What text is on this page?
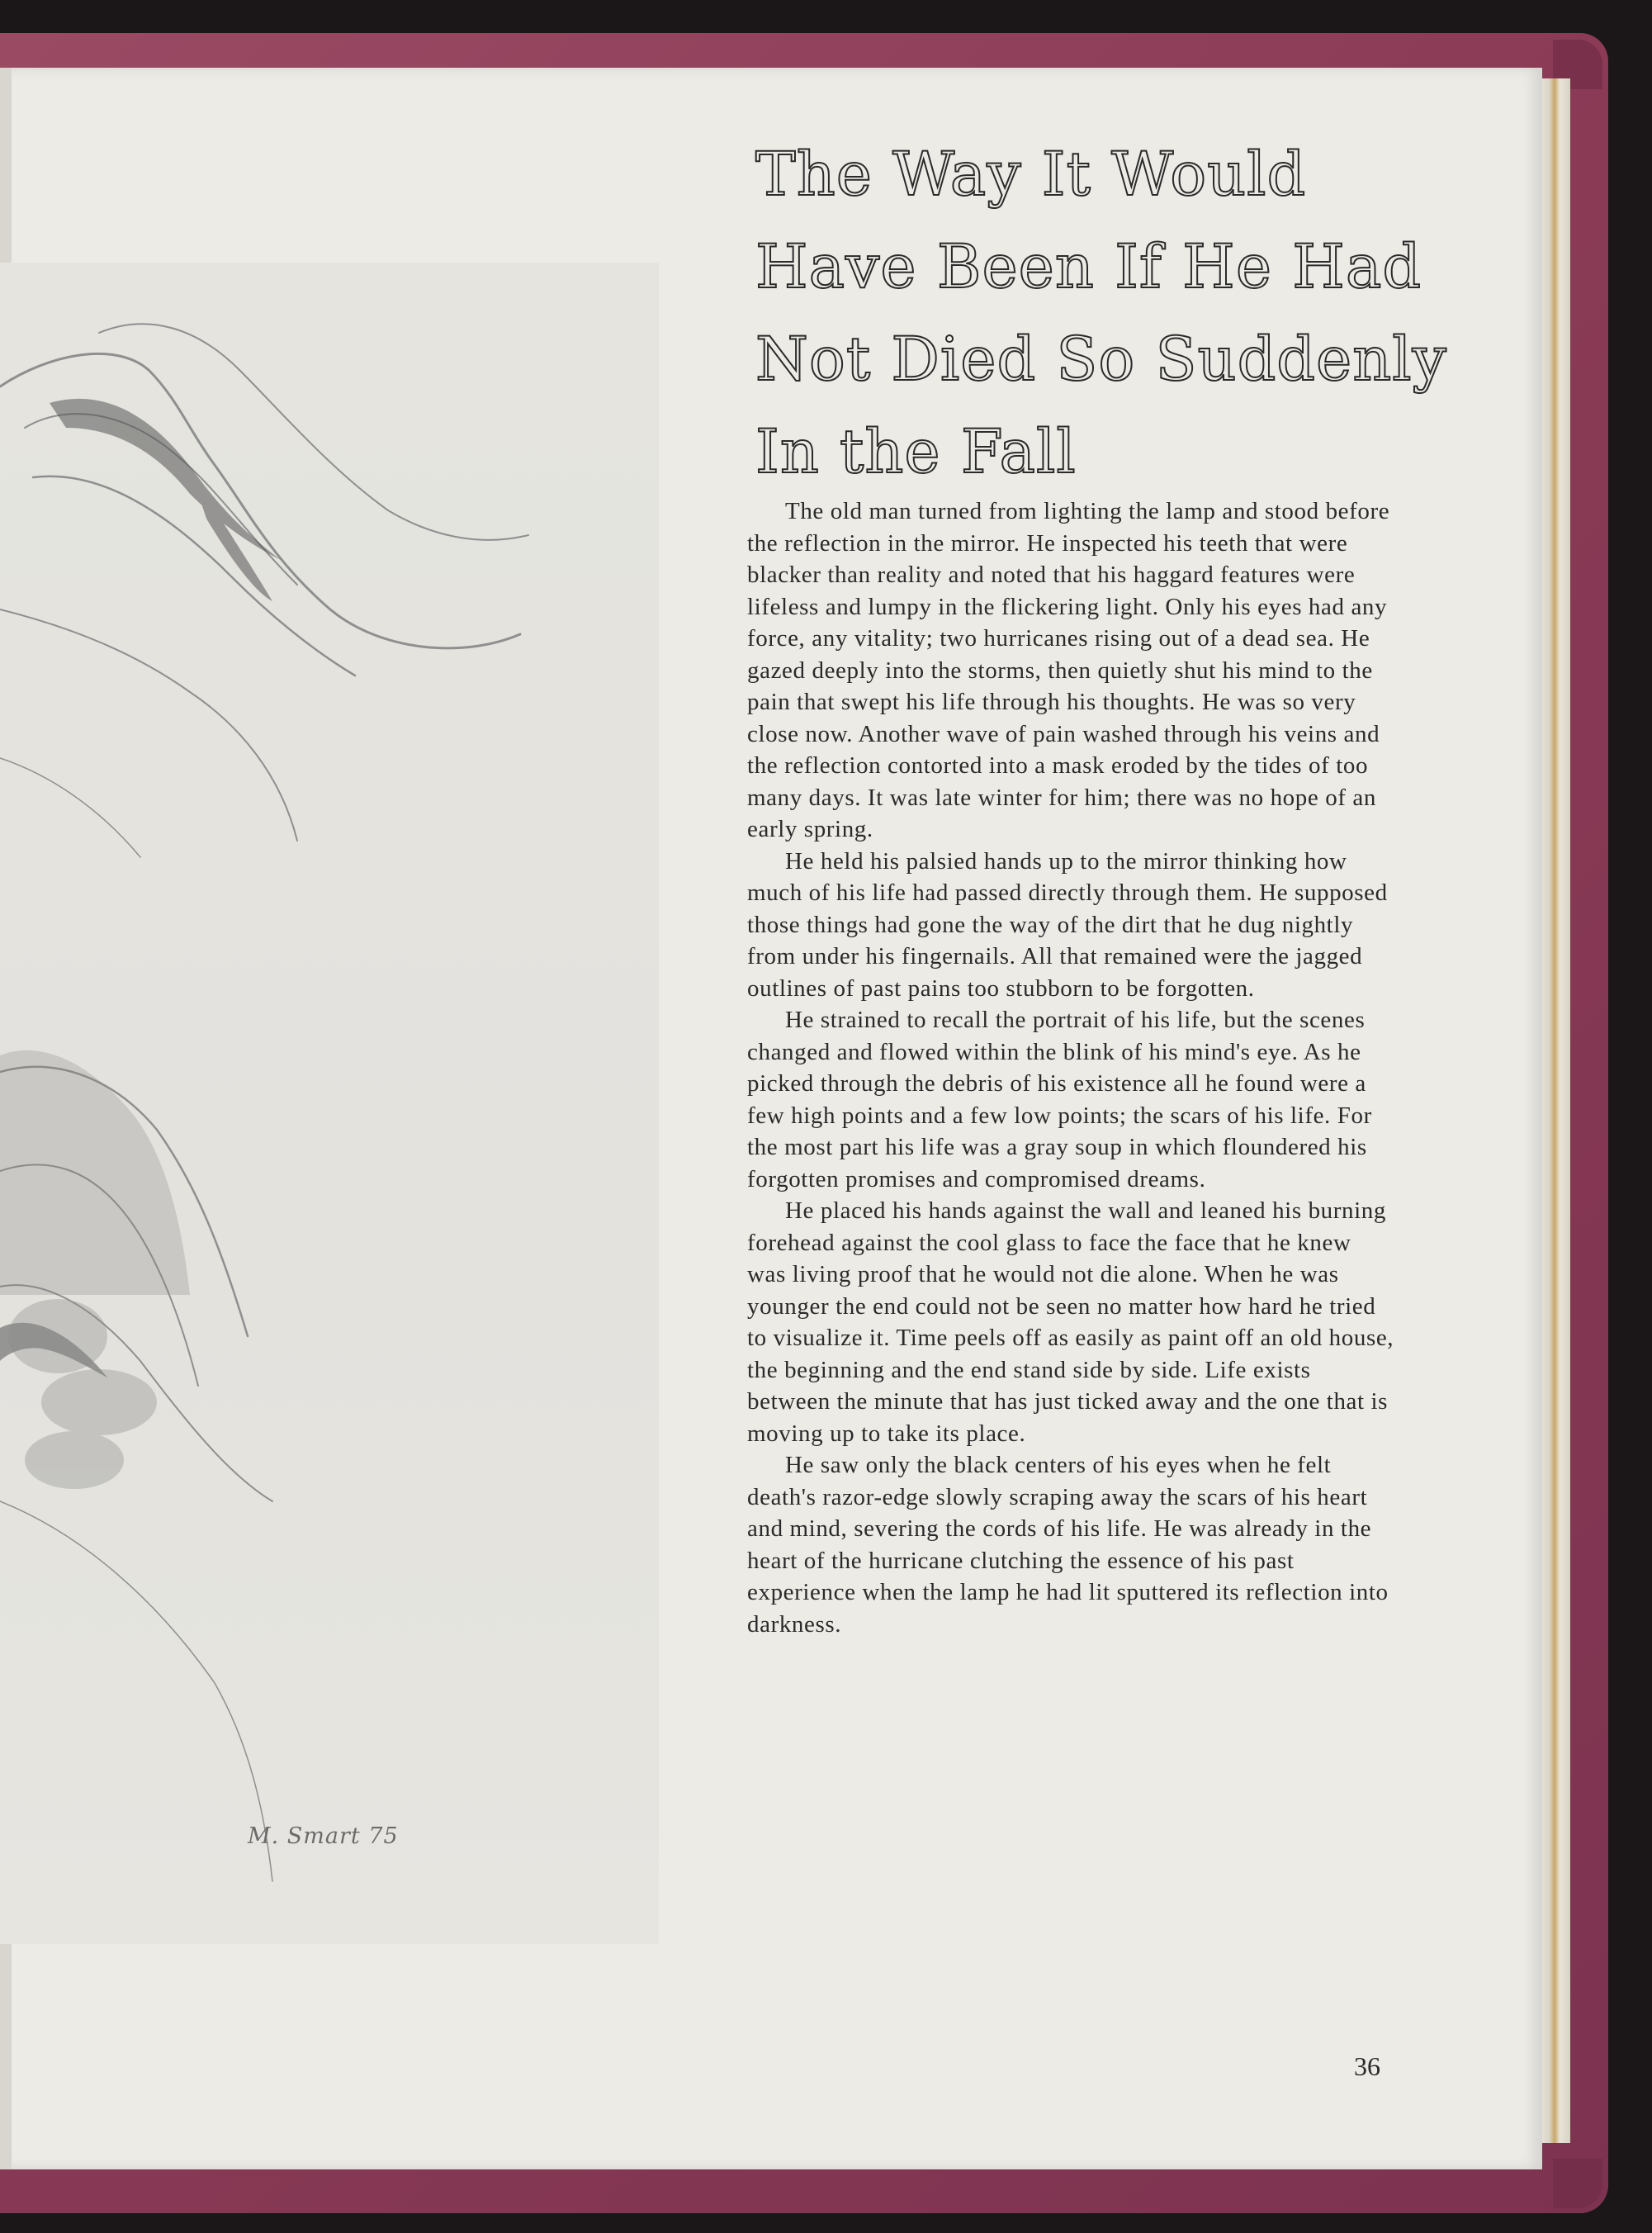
M. Smart 75
The Way It Would
Have Been If He Had
Not Died So Suddenly
In the Fall

The old man turned from lighting the lamp and stood before the reflection in the mirror. He inspected his teeth that were blacker than reality and noted that his haggard features were lifeless and lumpy in the flickering light. Only his eyes had any force, any vitality; two hurricanes rising out of a dead sea. He gazed deeply into the storms, then quietly shut his mind to the pain that swept his life through his thoughts. He was so very close now. Another wave of pain washed through his veins and the reflection contorted into a mask eroded by the tides of too many days. It was late winter for him; there was no hope of an early spring.

He held his palsied hands up to the mirror thinking how much of his life had passed directly through them. He supposed those things had gone the way of the dirt that he dug nightly from under his fingernails. All that remained were the jagged outlines of past pains too stubborn to be forgotten.

He strained to recall the portrait of his life, but the scenes changed and flowed within the blink of his mind's eye. As he picked through the debris of his existence all he found were a few high points and a few low points; the scars of his life. For the most part his life was a gray soup in which floundered his forgotten promises and compromised dreams.

He placed his hands against the wall and leaned his burning forehead against the cool glass to face the face that he knew was living proof that he would not die alone. When he was younger the end could not be seen no matter how hard he tried to visualize it. Time peels off as easily as paint off an old house, the beginning and the end stand side by side. Life exists between the minute that has just ticked away and the one that is moving up to take its place.

He saw only the black centers of his eyes when he felt death's razor-edge slowly scraping away the scars of his heart and mind, severing the cords of his life. He was already in the heart of the hurricane clutching the essence of his past experience when the lamp he had lit sputtered its reflection into darkness.

36
